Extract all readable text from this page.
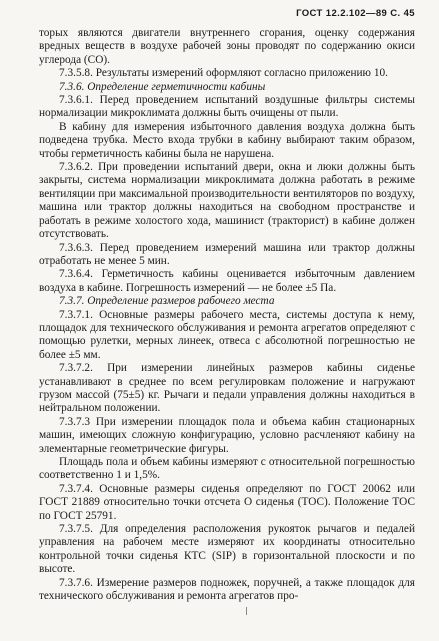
ГОСТ 12.2.102—89 С. 45

торых являются двигатели внутреннего сгорания, оценку содержания вредных веществ в воздухе рабочей зоны проводят по содержанию окиси углерода (СО).

7.3.5.8. Результаты измерений оформляют согласно приложению 10.

7.3.6. Определение герметичности кабины

7.3.6.1. Перед проведением испытаний воздушные фильтры системы нормализации микроклимата должны быть очищены от пыли.

В кабину для измерения избыточного давления воздуха должна быть подведена трубка. Место входа трубки в кабину выбирают таким образом, чтобы герметичность кабины была не нарушена.

7.3.6.2. При проведении испытаний двери, окна и люки должны быть закрыты, система нормализации микроклимата должна работать в режиме вентиляции при максимальной производительности вентиляторов по воздуху, машина или трактор должны находиться на свободном пространстве и работать в режиме холостого хода, машинист (тракторист) в кабине должен отсутствовать.

7.3.6.3. Перед проведением измерений машина или трактор должны отработать не менее 5 мин.

7.3.6.4. Герметичность кабины оценивается избыточным давлением воздуха в кабине. Погрешность измерений — не более ±5 Па.

7.3.7. Определение размеров рабочего места

7.3.7.1. Основные размеры рабочего места, системы доступа к нему, площадок для технического обслуживания и ремонта агрегатов определяют с помощью рулетки, мерных линеек, отвеса с абсолютной погрешностью не более ±5 мм.

7.3.7.2. При измерении линейных размеров кабины сиденье устанавливают в среднее по всем регулировкам положение и нагружают грузом массой (75±5) кг. Рычаги и педали управления должны находиться в нейтральном положении.

7.3.7.3 При измерении площадок пола и объема кабин стационарных машин, имеющих сложную конфигурацию, условно расчленяют кабину на элементарные геометрические фигуры.

Площадь пола и объем кабины измеряют с относительной погрешностью соответственно 1 и 1,5%.

7.3.7.4. Основные размеры сиденья определяют по ГОСТ 20062 или ГОСТ 21889 относительно точки отсчета О сиденья (ТОС). Положение ТОС по ГОСТ 25791.

7.3.7.5. Для определения расположения рукояток рычагов и педалей управления на рабочем месте измеряют их координаты относительно контрольной точки сиденья КТС (SIP) в горизонтальной плоскости и по высоте.

7.3.7.6. Измерение размеров подножек, поручней, а также площадок для технического обслуживания и ремонта агрегатов про-
